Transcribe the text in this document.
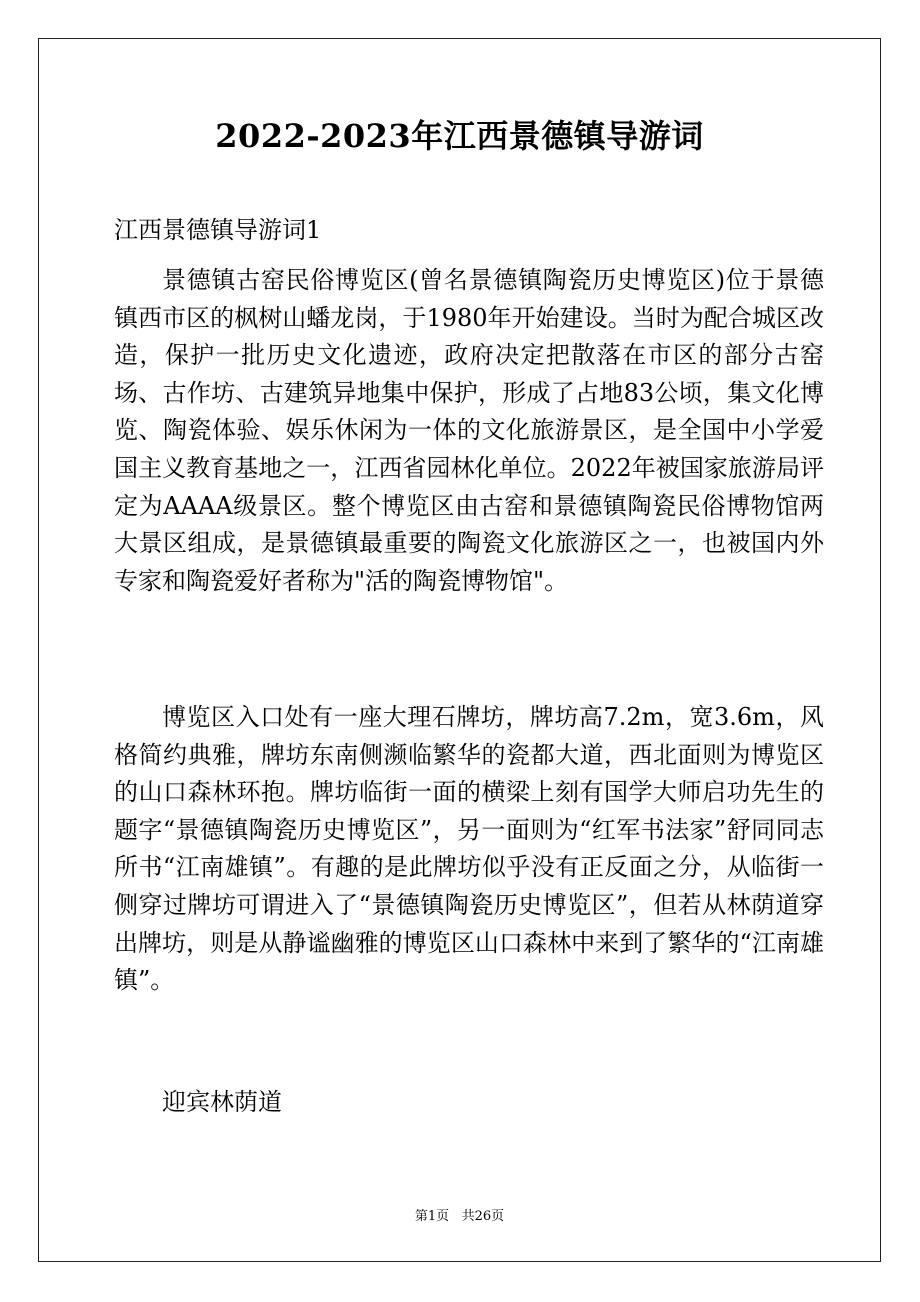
2022-2023年江西景德镇导游词
江西景德镇导游词1

景德镇古窑民俗博览区(曾名景德镇陶瓷历史博览区)位于景德镇西市区的枫树山蟠龙岗，于1980年开始建设。当时为配合城区改造，保护一批历史文化遗迹，政府决定把散落在市区的部分古窑场、古作坊、古建筑异地集中保护，形成了占地83公顷，集文化博览、陶瓷体验、娱乐休闲为一体的文化旅游景区，是全国中小学爱国主义教育基地之一，江西省园林化单位。2022年被国家旅游局评定为AAAA级景区。整个博览区由古窑和景德镇陶瓷民俗博物馆两大景区组成，是景德镇最重要的陶瓷文化旅游区之一，也被国内外专家和陶瓷爱好者称为"活的陶瓷博物馆"。

博览区入口处有一座大理石牌坊，牌坊高7.2m，宽3.6m，风格简约典雅，牌坊东南侧濒临繁华的瓷都大道，西北面则为博览区的山口森林环抱。牌坊临街一面的横梁上刻有国学大师启功先生的题字“景德镇陶瓷历史博览区”，另一面则为“红军书法家”舒同同志所书“江南雄镇”。有趣的是此牌坊似乎没有正反面之分，从临街一侧穿过牌坊可谓进入了“景德镇陶瓷历史博览区”，但若从林荫道穿出牌坊，则是从静谧幽雅的博览区山口森林中来到了繁华的“江南雄镇”。

迎宾林荫道

第1页 共26页
